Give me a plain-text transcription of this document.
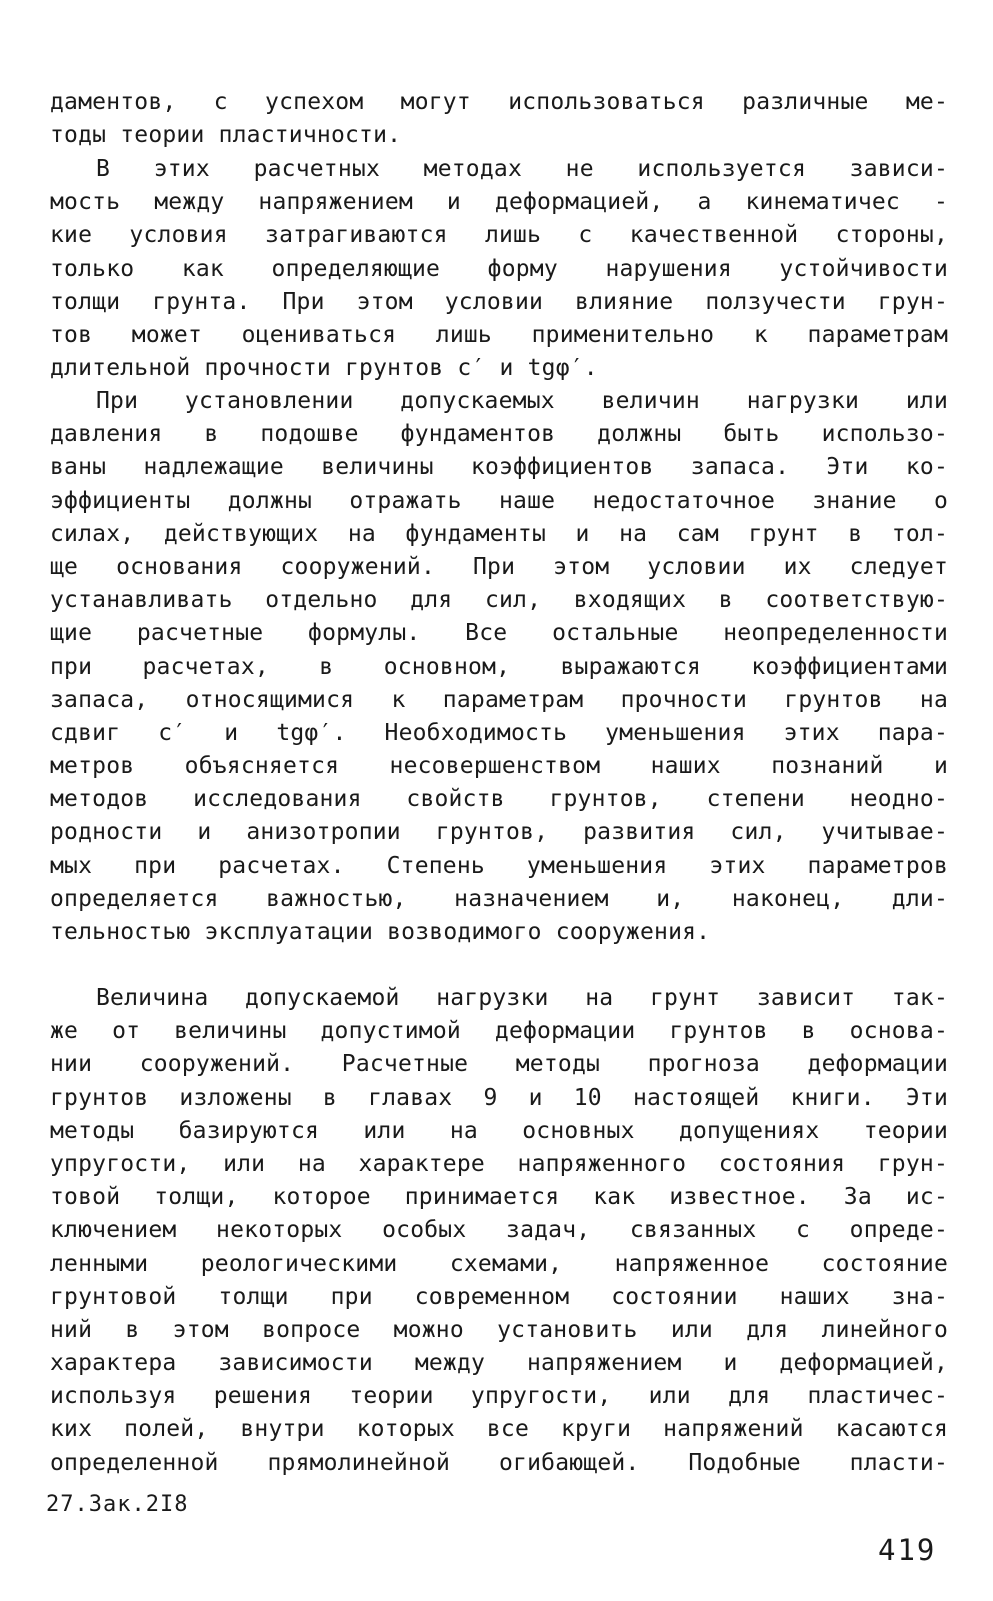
даментов, с успехом могут использоваться различные ме-
тоды теории пластичности.
В этих расчетных методах не используется зависи-
мость между напряжением и деформацией, а кинематичес -
кие условия затрагиваются лишь с качественной стороны,
только как определяющие форму нарушения устойчивости
толщи грунта. При этом условии влияние ползучести грун-
тов может оцениваться лишь применительно к параметрам
длительной прочности грунтов c′ и tgφ′.
При установлении допускаемых величин нагрузки или
давления в подошве фундаментов должны быть использо-
ваны надлежащие величины коэффициентов запаса. Эти ко-
эффициенты должны отражать наше недостаточное знание о
силах, действующих на фундаменты и на сам грунт в тол-
ще основания сооружений. При этом условии их следует
устанавливать отдельно для сил, входящих в соответствую-
щие расчетные формулы. Все остальные неопределенности
при расчетах, в основном, выражаются коэффициентами
запаса, относящимися к параметрам прочности грунтов на
сдвиг c′ и tgφ′. Необходимость уменьшения этих пара-
метров объясняется несовершенством наших познаний и
методов исследования свойств грунтов, степени неодно-
родности и анизотропии грунтов, развития сил, учитывае-
мых при расчетах. Степень уменьшения этих параметров
определяется важностью, назначением и, наконец, дли-
тельностью эксплуатации возводимого сооружения.
Величина допускаемой нагрузки на грунт зависит так-
же от величины допустимой деформации грунтов в основа-
нии сооружений. Расчетные методы прогноза деформации
грунтов изложены в главах 9 и 10 настоящей книги. Эти
методы базируются или на основных допущениях теории
упругости, или на характере напряженного состояния грун-
товой толщи, которое принимается как известное. За ис-
ключением некоторых особых задач, связанных с опреде-
ленными реологическими схемами, напряженное состояние
грунтовой толщи при современном состоянии наших зна-
ний в этом вопросе можно установить или для линейного
характера зависимости между напряжением и деформацией,
используя решения теории упругости, или для пластичес-
ких полей, внутри которых все круги напряжений касаются
определенной прямолинейной огибающей. Подобные пласти-
27.Зак.2I8
419
